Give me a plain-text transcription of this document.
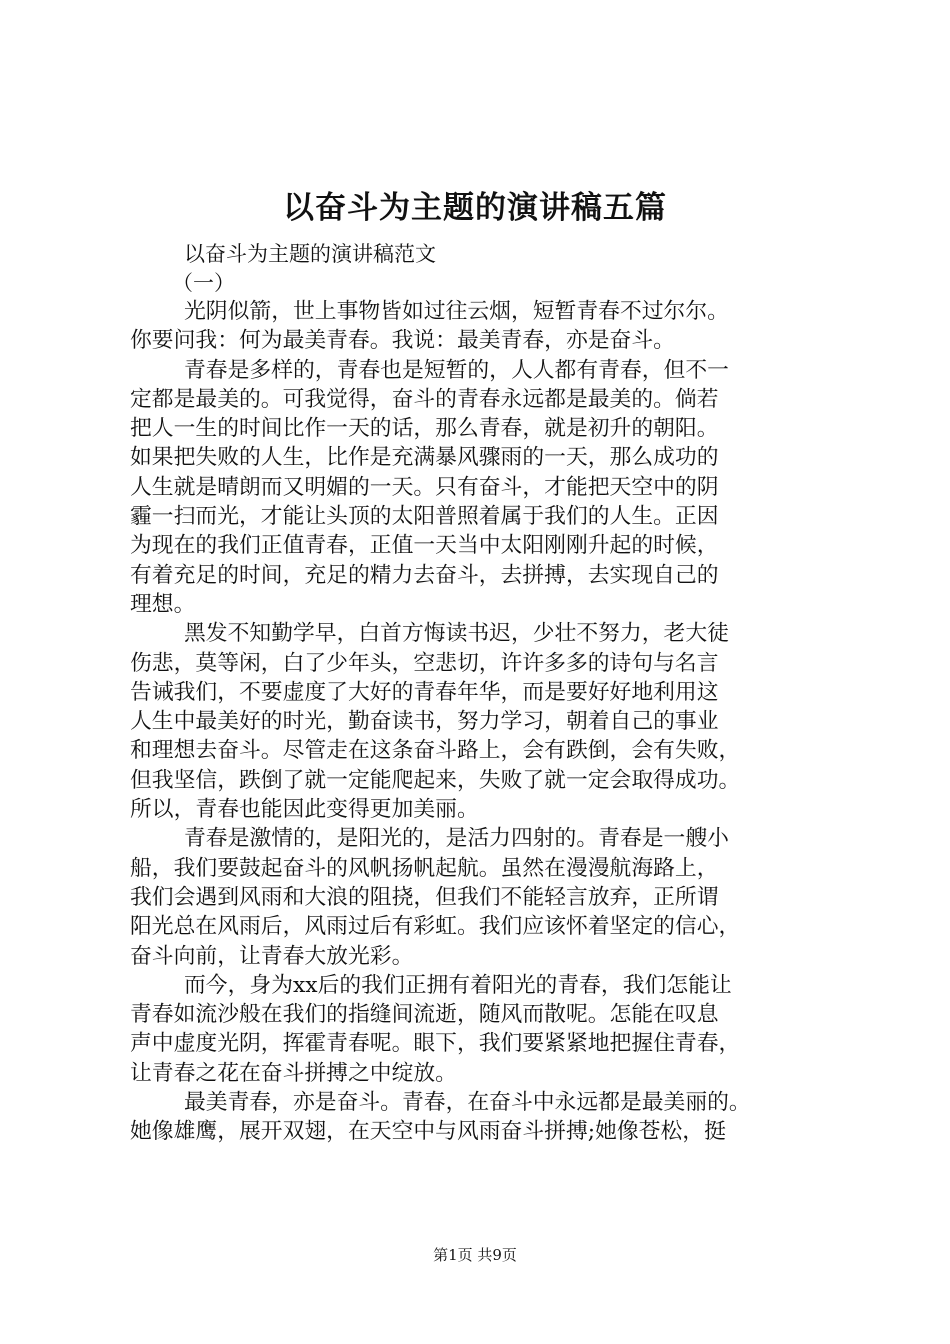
以奋斗为主题的演讲稿五篇
以奋斗为主题的演讲稿范文
（一）
光阴似箭，世上事物皆如过往云烟，短暂青春不过尔尔。
你要问我：何为最美青春。我说：最美青春，亦是奋斗。
青春是多样的，青春也是短暂的，人人都有青春，但不一
定都是最美的。可我觉得，奋斗的青春永远都是最美的。倘若
把人一生的时间比作一天的话，那么青春，就是初升的朝阳。
如果把失败的人生，比作是充满暴风骤雨的一天，那么成功的
人生就是晴朗而又明媚的一天。只有奋斗，才能把天空中的阴
霾一扫而光，才能让头顶的太阳普照着属于我们的人生。正因
为现在的我们正值青春，正值一天当中太阳刚刚升起的时候，
有着充足的时间，充足的精力去奋斗，去拼搏，去实现自己的
理想。
黑发不知勤学早，白首方悔读书迟，少壮不努力，老大徒
伤悲，莫等闲，白了少年头，空悲切，许许多多的诗句与名言
告诫我们，不要虚度了大好的青春年华，而是要好好地利用这
人生中最美好的时光，勤奋读书，努力学习，朝着自己的事业
和理想去奋斗。尽管走在这条奋斗路上，会有跌倒，会有失败，
但我坚信，跌倒了就一定能爬起来，失败了就一定会取得成功。
所以，青春也能因此变得更加美丽。
青春是激情的，是阳光的，是活力四射的。青春是一艘小
船，我们要鼓起奋斗的风帆扬帆起航。虽然在漫漫航海路上，
我们会遇到风雨和大浪的阻挠，但我们不能轻言放弃，正所谓
阳光总在风雨后，风雨过后有彩虹。我们应该怀着坚定的信心，
奋斗向前，让青春大放光彩。
而今，身为xx后的我们正拥有着阳光的青春，我们怎能让
青春如流沙般在我们的指缝间流逝，随风而散呢。怎能在叹息
声中虚度光阴，挥霍青春呢。眼下，我们要紧紧地把握住青春，
让青春之花在奋斗拼搏之中绽放。
最美青春，亦是奋斗。青春，在奋斗中永远都是最美丽的。
她像雄鹰，展开双翅，在天空中与风雨奋斗拼搏;她像苍松，挺
第1页 共9页
